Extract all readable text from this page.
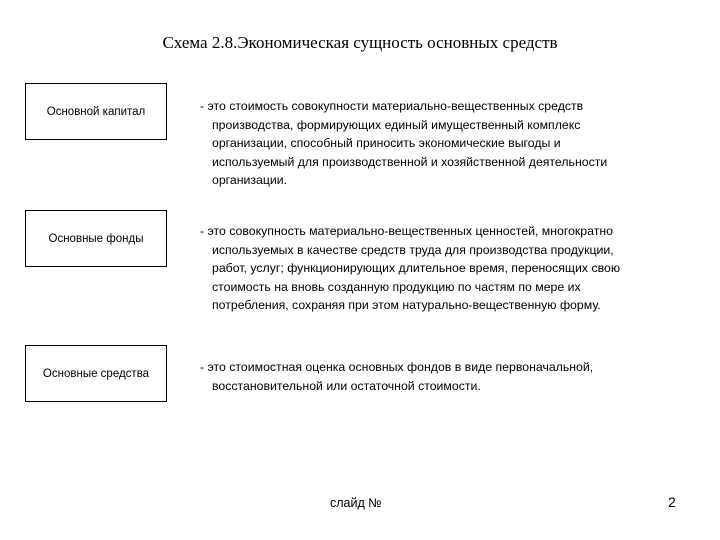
Схема 2.8.Экономическая сущность основных средств
Основной капитал	- это стоимость совокупности материально-вещественных средств
производства, формирующих единый имущественный комплекс
организации, способный приносить экономические выгоды и
используемый для производственной и хозяйственной деятельности
организации.
Основные фонды
- это совокупность материально-вещественных ценностей, многократно
используемых в качестве средств труда для производства продукции,
работ, услуг; функционирующих длительное время, переносящих свою
стоимость на вновь созданную продукцию по частям по мере их
потребления, сохраняя при этом натурально-вещественную форму.
Основные средства	- это стоимостная оценка основных фондов в виде первоначальной,
восстановительной или остаточной стоимости.
слайд №	2
